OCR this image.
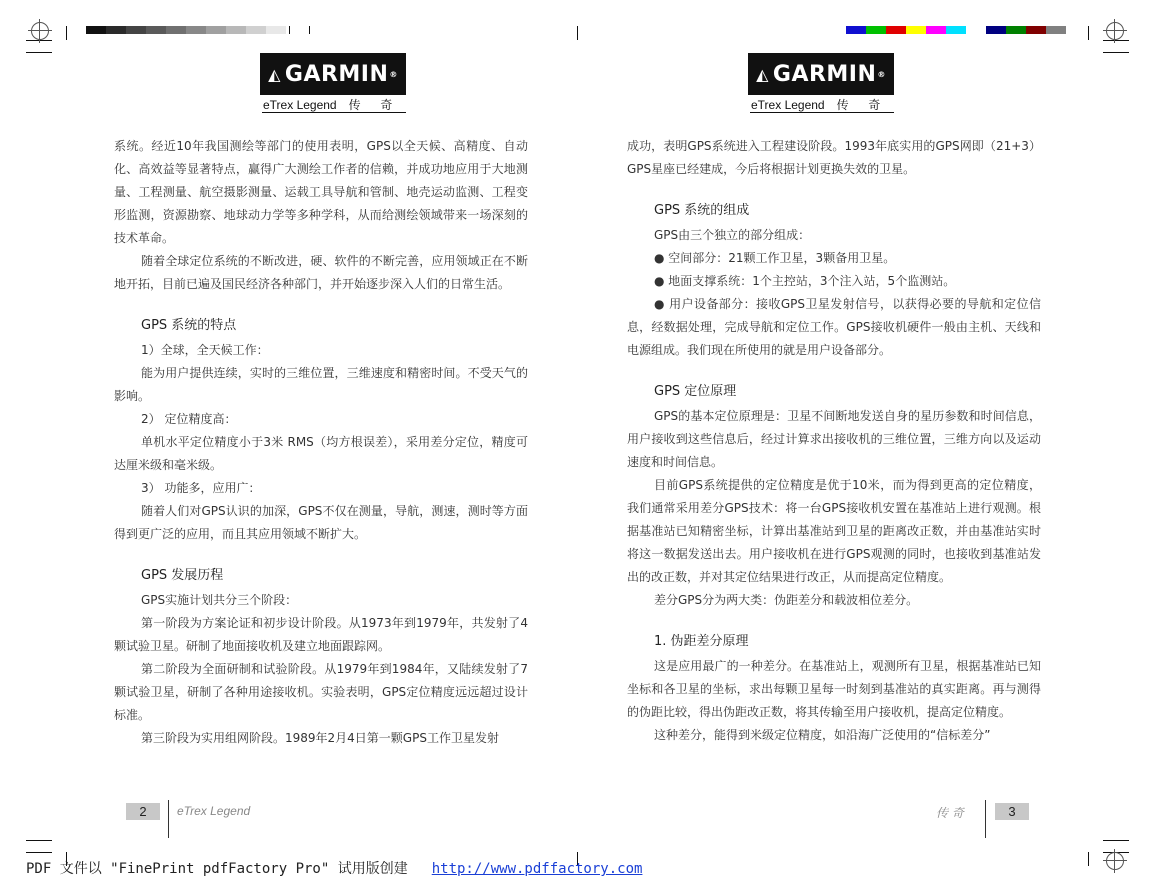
◭ GARMIN ®
eTrex Legend 传 奇
◭ GARMIN ®
eTrex Legend 传 奇

系统。经近10年我国测绘等部门的使用表明，GPS以全天候、高精度、自动化、高效益等显著特点，赢得广大测绘工作者的信赖，并成功地应用于大地测量、工程测量、航空摄影测量、运载工具导航和管制、地壳运动监测、工程变形监测，资源勘察、地球动力学等多种学科，从而给测绘领域带来一场深刻的技术革命。

随着全球定位系统的不断改进，硬、软件的不断完善，应用领域正在不断地开拓，目前已遍及国民经济各种部门，并开始逐步深入人们的日常生活。

GPS 系统的特点

1）全球，全天候工作：

能为用户提供连续，实时的三维位置，三维速度和精密时间。不受天气的影响。

2） 定位精度高：

单机水平定位精度小于3米 RMS（均方根误差），采用差分定位，精度可达厘米级和毫米级。

3） 功能多，应用广：

随着人们对GPS认识的加深，GPS不仅在测量，导航，测速，测时等方面得到更广泛的应用，而且其应用领域不断扩大。

GPS 发展历程

GPS实施计划共分三个阶段：

第一阶段为方案论证和初步设计阶段。从1973年到1979年，共发射了4颗试验卫星。研制了地面接收机及建立地面跟踪网。

第二阶段为全面研制和试验阶段。从1979年到1984年，又陆续发射了7颗试验卫星，研制了各种用途接收机。实验表明，GPS定位精度远远超过设计标准。

第三阶段为实用组网阶段。1989年2月4日第一颗GPS工作卫星发射

成功，表明GPS系统进入工程建设阶段。1993年底实用的GPS网即（21+3）GPS星座已经建成，今后将根据计划更换失效的卫星。

GPS 系统的组成

GPS由三个独立的部分组成：

● 空间部分：21颗工作卫星，3颗备用卫星。

● 地面支撑系统：1个主控站，3个注入站，5个监测站。

● 用户设备部分：接收GPS卫星发射信号，以获得必要的导航和定位信息，经数据处理，完成导航和定位工作。GPS接收机硬件一般由主机、天线和电源组成。我们现在所使用的就是用户设备部分。

GPS 定位原理

GPS的基本定位原理是：卫星不间断地发送自身的星历参数和时间信息，用户接收到这些信息后，经过计算求出接收机的三维位置，三维方向以及运动速度和时间信息。

目前GPS系统提供的定位精度是优于10米，而为得到更高的定位精度，我们通常采用差分GPS技术：将一台GPS接收机安置在基准站上进行观测。根据基准站已知精密坐标，计算出基准站到卫星的距离改正数，并由基准站实时将这一数据发送出去。用户接收机在进行GPS观测的同时，也接收到基准站发出的改正数，并对其定位结果进行改正，从而提高定位精度。

差分GPS分为两大类：伪距差分和载波相位差分。

1. 伪距差分原理

这是应用最广的一种差分。在基准站上，观测所有卫星，根据基准站已知坐标和各卫星的坐标，求出每颗卫星每一时刻到基准站的真实距离。再与测得的伪距比较，得出伪距改正数，将其传输至用户接收机，提高定位精度。

这种差分，能得到米级定位精度，如沿海广泛使用的“信标差分”

2	eTrex Legend	传 奇	3
PDF 文件以 "FinePrint pdfFactory Pro" 试用版创建 http://www.pdffactory.com
